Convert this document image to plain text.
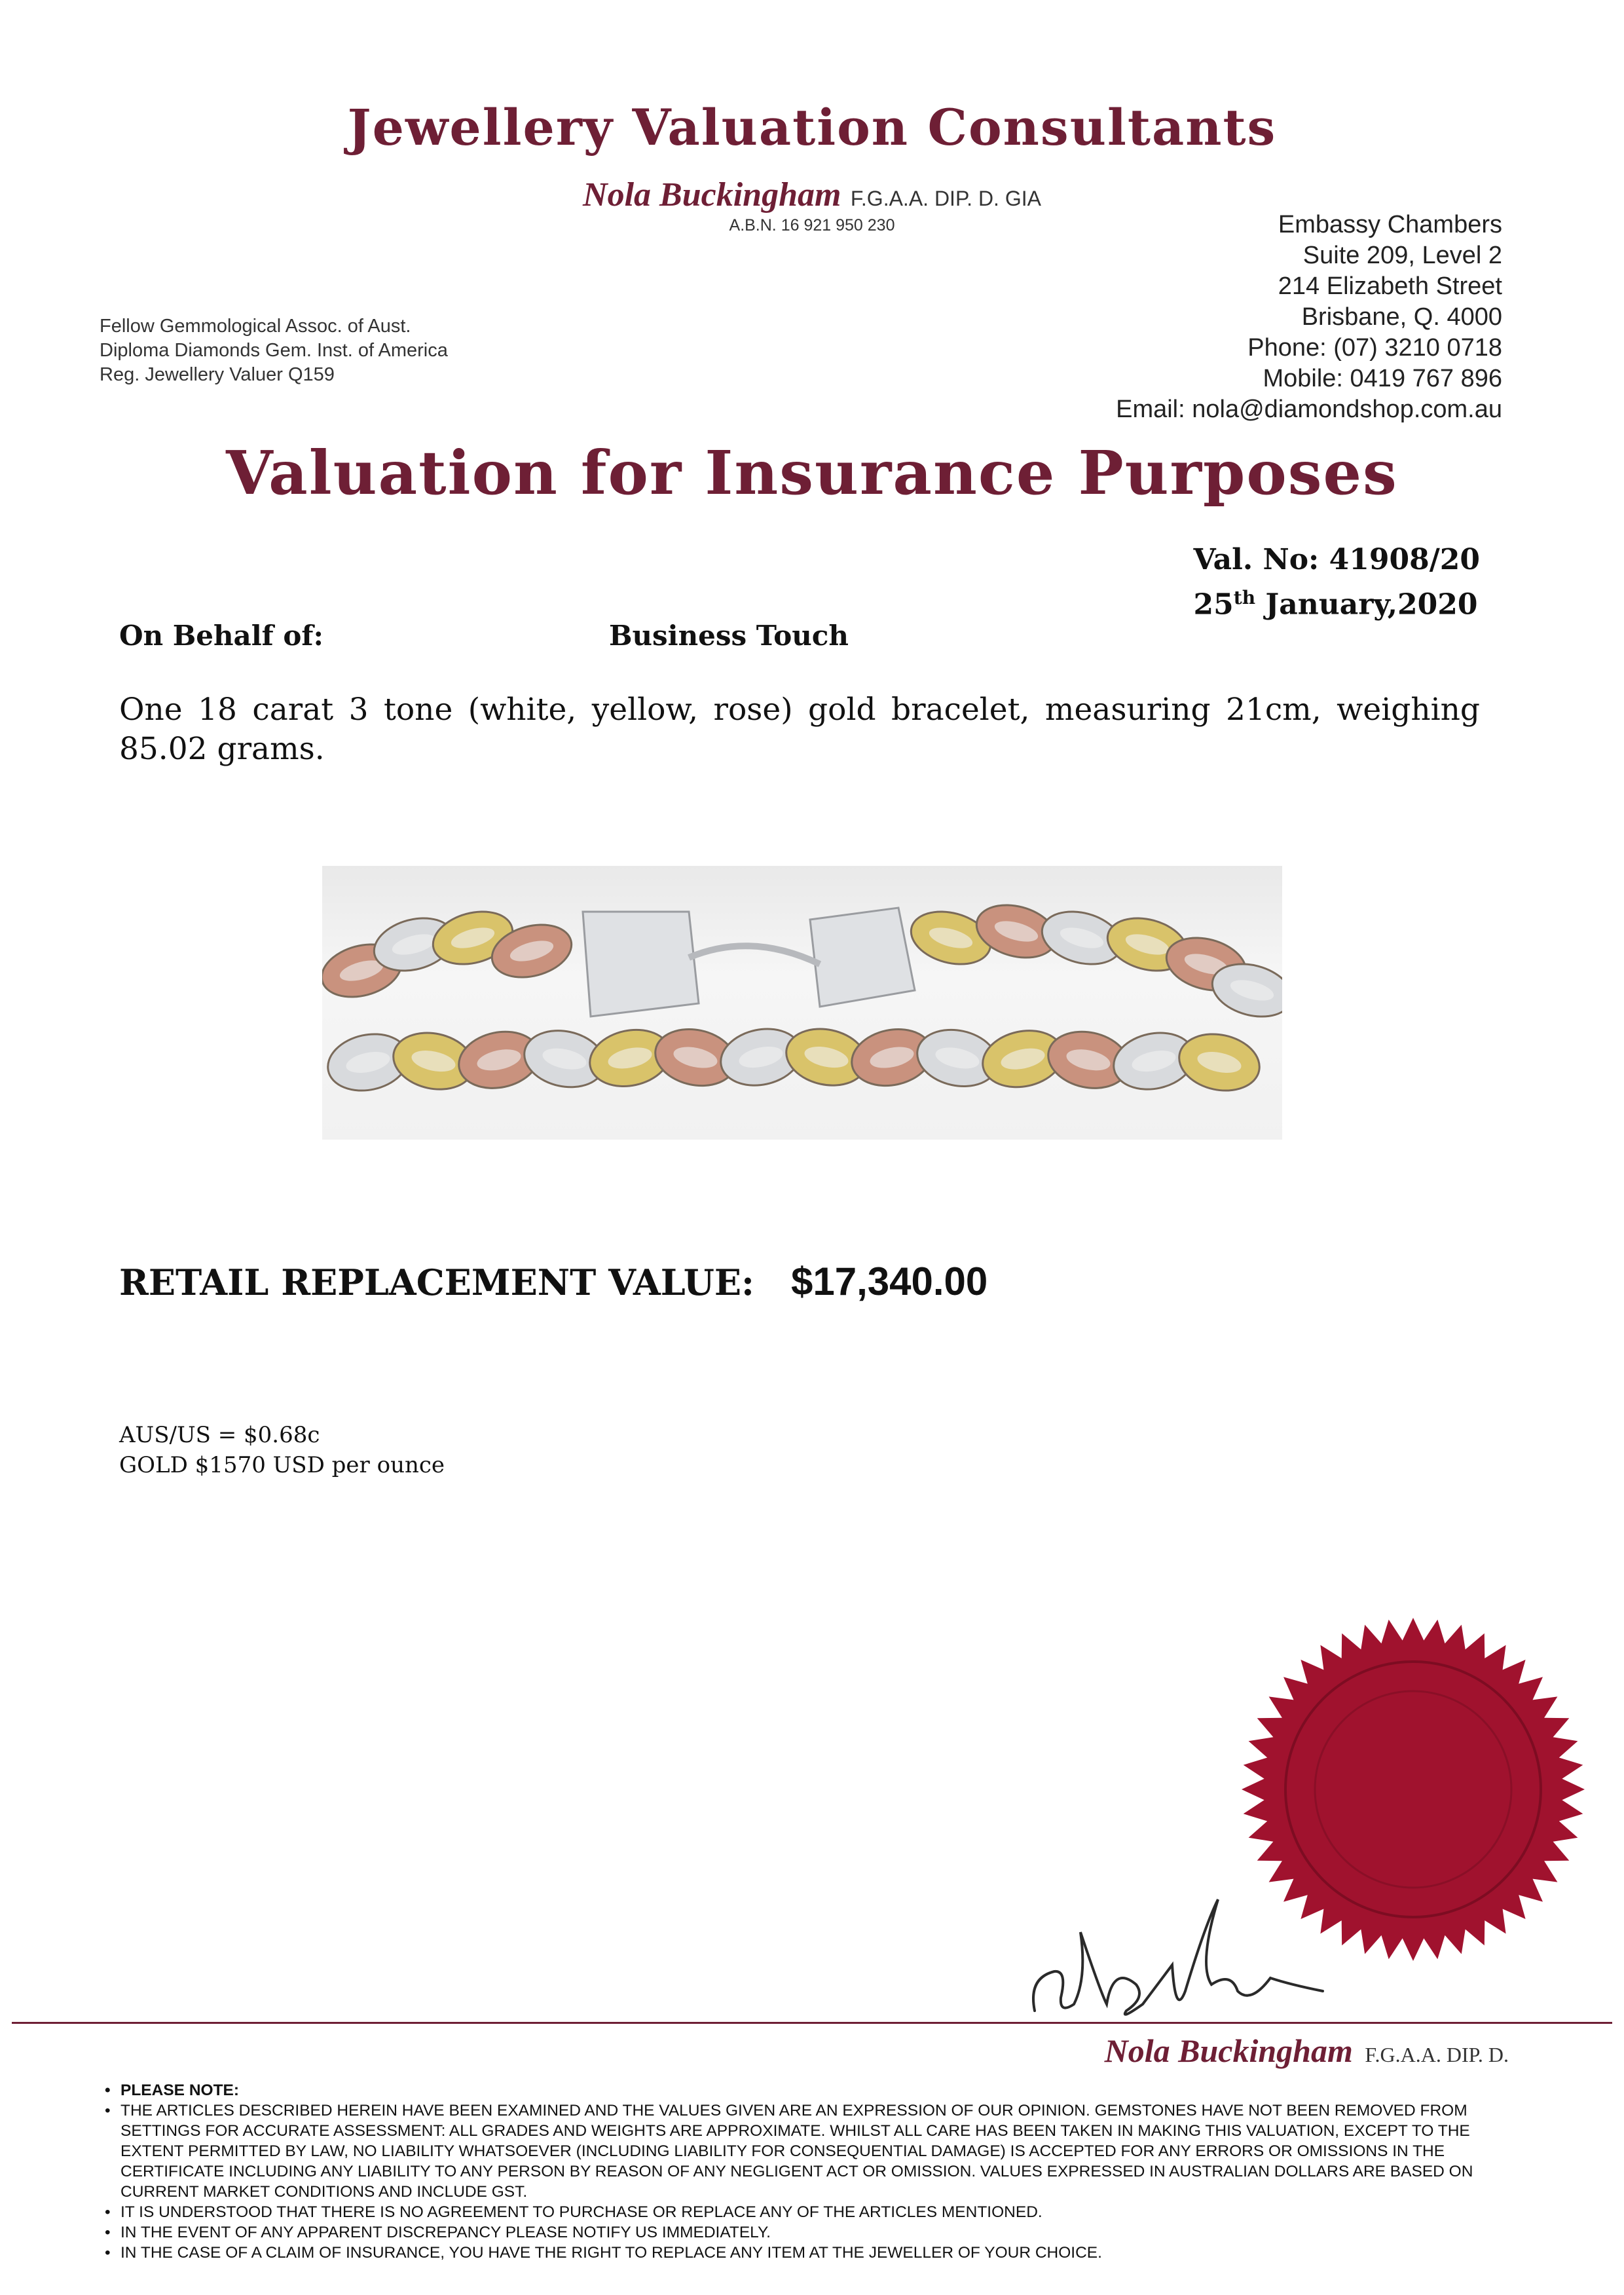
Jewellery Valuation Consultants
Nola Buckingham F.G.A.A. DIP. D. GIA
A.B.N. 16 921 950 230	Embassy Chambers
Suite 209, Level 2
214 Elizabeth Street
Brisbane, Q. 4000
Phone: (07) 3210 0718
Mobile: 0419 767 896
Email: nola@diamondshop.com.au
Fellow Gemmological Assoc. of Aust.
Diploma Diamonds Gem. Inst. of America
Reg. Jewellery Valuer Q159
Valuation for Insurance Purposes
Val. No: 41908/20
25th January,2020
On Behalf of:	Business Touch
One 18 carat 3 tone (white, yellow, rose) gold bracelet, measuring 21cm, weighing 85.02 grams.
RETAIL REPLACEMENT VALUE: $17,340.00
AUS/US = $0.68c
GOLD $1570 USD per ounce
Nola Buckingham F.G.A.A. DIP. D.
• PLEASE NOTE:
• THE ARTICLES DESCRIBED HEREIN HAVE BEEN EXAMINED AND THE VALUES GIVEN ARE AN EXPRESSION OF OUR OPINION. GEMSTONES HAVE NOT BEEN REMOVED FROM SETTINGS FOR ACCURATE ASSESSMENT: ALL GRADES AND WEIGHTS ARE APPROXIMATE. WHILST ALL CARE HAS BEEN TAKEN IN MAKING THIS VALUATION, EXCEPT TO THE EXTENT PERMITTED BY LAW, NO LIABILITY WHATSOEVER (INCLUDING LIABILITY FOR CONSEQUENTIAL DAMAGE) IS ACCEPTED FOR ANY ERRORS OR OMISSIONS IN THE CERTIFICATE INCLUDING ANY LIABILITY TO ANY PERSON BY REASON OF ANY NEGLIGENT ACT OR OMISSION. VALUES EXPRESSED IN AUSTRALIAN DOLLARS ARE BASED ON CURRENT MARKET CONDITIONS AND INCLUDE GST.
• IT IS UNDERSTOOD THAT THERE IS NO AGREEMENT TO PURCHASE OR REPLACE ANY OF THE ARTICLES MENTIONED.
• IN THE EVENT OF ANY APPARENT DISCREPANCY PLEASE NOTIFY US IMMEDIATELY.
• IN THE CASE OF A CLAIM OF INSURANCE, YOU HAVE THE RIGHT TO REPLACE ANY ITEM AT THE JEWELLER OF YOUR CHOICE.
